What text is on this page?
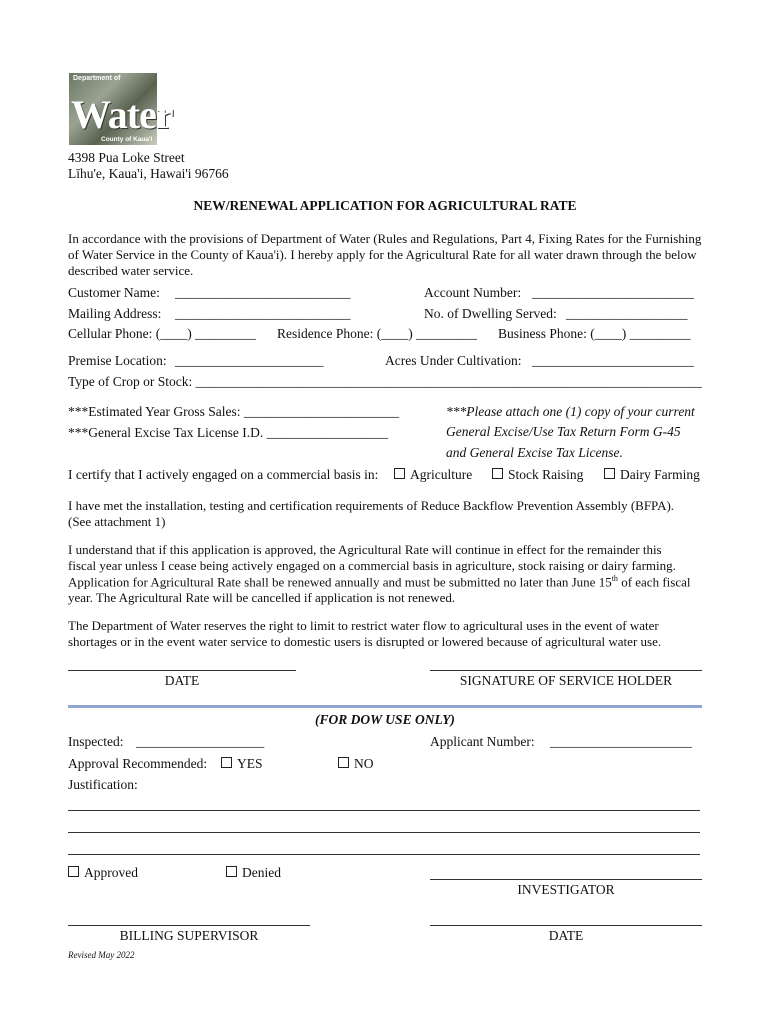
Department of
Water
County of Kaua'i
4398 Pua Loke Street
Līhu'e, Kaua'i, Hawai'i 96766
NEW/RENEWAL APPLICATION FOR AGRICULTURAL RATE
In accordance with the provisions of Department of Water (Rules and Regulations, Part 4, Fixing Rates for the Furnishing of Water Service in the County of Kaua'i). I hereby apply for the Agricultural Rate for all water drawn through the below described water service.
Customer Name: __________________________	Account Number: ________________________
Mailing Address: __________________________	No. of Dwelling Served: __________________
Cellular Phone: (____) _________ Residence Phone: (____) _________ Business Phone: (____) _________
Premise Location: ______________________	Acres Under Cultivation: ________________________
Type of Crop or Stock: ___________________________________________________________________________
***Estimated Year Gross Sales: _______________________
***General Excise Tax License I.D. __________________
***Please attach one (1) copy of your current
General Excise/Use Tax Return Form G-45
and General Excise Tax License.
I certify that I actively engaged on a commercial basis in:	Agriculture	Stock Raising	Dairy Farming
I have met the installation, testing and certification requirements of Reduce Backflow Prevention Assembly (BFPA).
(See attachment 1)
I understand that if this application is approved, the Agricultural Rate will continue in effect for the remainder this
fiscal year unless I cease being actively engaged on a commercial basis in agriculture, stock raising or dairy farming.
Application for Agricultural Rate shall be renewed annually and must be submitted no later than June 15th of each fiscal
year. The Agricultural Rate will be cancelled if application is not renewed.
The Department of Water reserves the right to limit to restrict water flow to agricultural uses in the event of water
shortages or in the event water service to domestic users is disrupted or lowered because of agricultural water use.
DATE	SIGNATURE OF SERVICE HOLDER
(FOR DOW USE ONLY)
Inspected: ___________________	Applicant Number: _____________________
Approval Recommended:	YES	NO
Justification:
Approved	Denied
INVESTIGATOR
BILLING SUPERVISOR	DATE
Revised May 2022
